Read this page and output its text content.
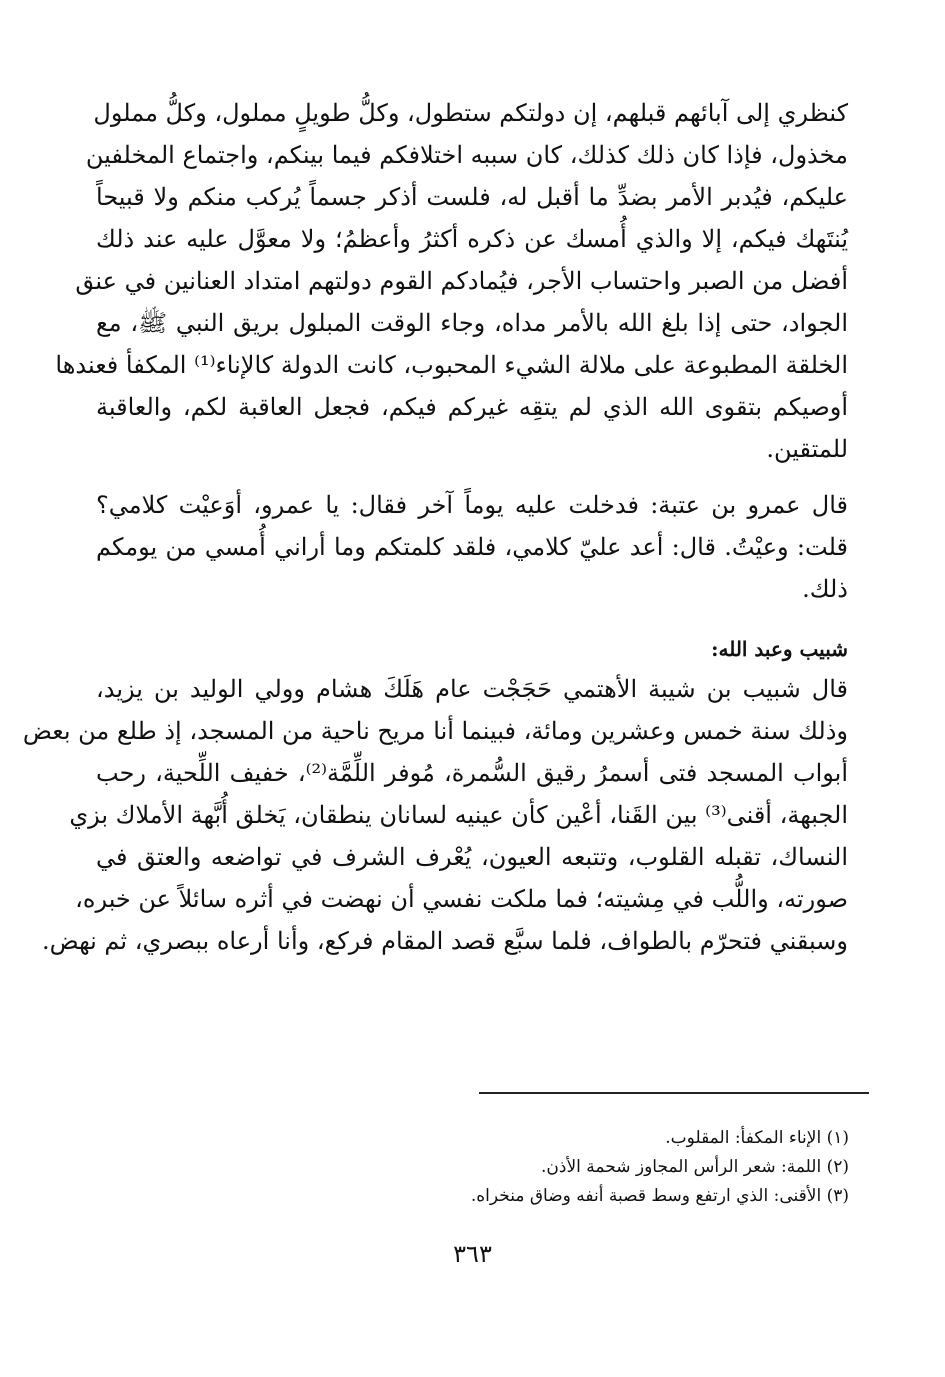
كنظري إلى آبائهم قبلهم، إن دولتكم ستطول، وكلُّ طويلٍ مملول، وكلُّ مملول
مخذول، فإذا كان ذلك كذلك، كان سببه اختلافكم فيما بينكم، واجتماع المخلفين
عليكم، فيُدبر الأمر بضدِّ ما أقبل له، فلست أذكر جسماً يُركب منكم ولا قبيحاً
يُنتَهك فيكم، إلا والذي أُمسك عن ذكره أكثرُ وأعظمُ؛ ولا معوَّل عليه عند ذلك
أفضل من الصبر واحتساب الأجر، فيُمادكم القوم دولتهم امتداد العنانين في عنق
الجواد، حتى إذا بلغ الله بالأمر مداه، وجاء الوقت المبلول بريق النبي ﷺ، مع
الخلقة المطبوعة على ملالة الشيء المحبوب، كانت الدولة كالإناء⁽¹⁾ المكفأ فعندها
أوصيكم بتقوى الله الذي لم يتقِه غيركم فيكم، فجعل العاقبة لكم، والعاقبة
للمتقين.
قال عمرو بن عتبة: فدخلت عليه يوماً آخر فقال: يا عمرو، أوَعيْت كلامي؟
قلت: وعيْتُ. قال: أعد عليّ كلامي، فلقد كلمتكم وما أراني أُمسي من يومكم
ذلك.
شبيب وعبد الله:
قال شبيب بن شيبة الأهتمي حَجَجْت عام هَلَكَ هشام وولي الوليد بن يزيد،
وذلك سنة خمس وعشرين ومائة، فبينما أنا مريح ناحية من المسجد، إذ طلع من بعض
أبواب المسجد فتى أسمرُ رقيق السُّمرة، مُوفر اللِّمَّة⁽²⁾، خفيف اللِّحية، رحب
الجبهة، أقنى⁽³⁾ بين القَنا، أعْين كأن عينيه لسانان ينطقان، يَخلق أُبَّهة الأملاك بزي
النساك، تقبله القلوب، وتتبعه العيون، يُعْرف الشرف في تواضعه والعتق في
صورته، واللُّب في مِشيته؛ فما ملكت نفسي أن نهضت في أثره سائلاً عن خبره،
وسبقني فتحرّم بالطواف، فلما سبَّع قصد المقام فركع، وأنا أرعاه ببصري، ثم نهض.
(١) الإناء المكفأ: المقلوب.
(٢) اللمة: شعر الرأس المجاوز شحمة الأذن.
(٣) الأقنى: الذي ارتفع وسط قصبة أنفه وضاق منخراه.
٣٦٣
